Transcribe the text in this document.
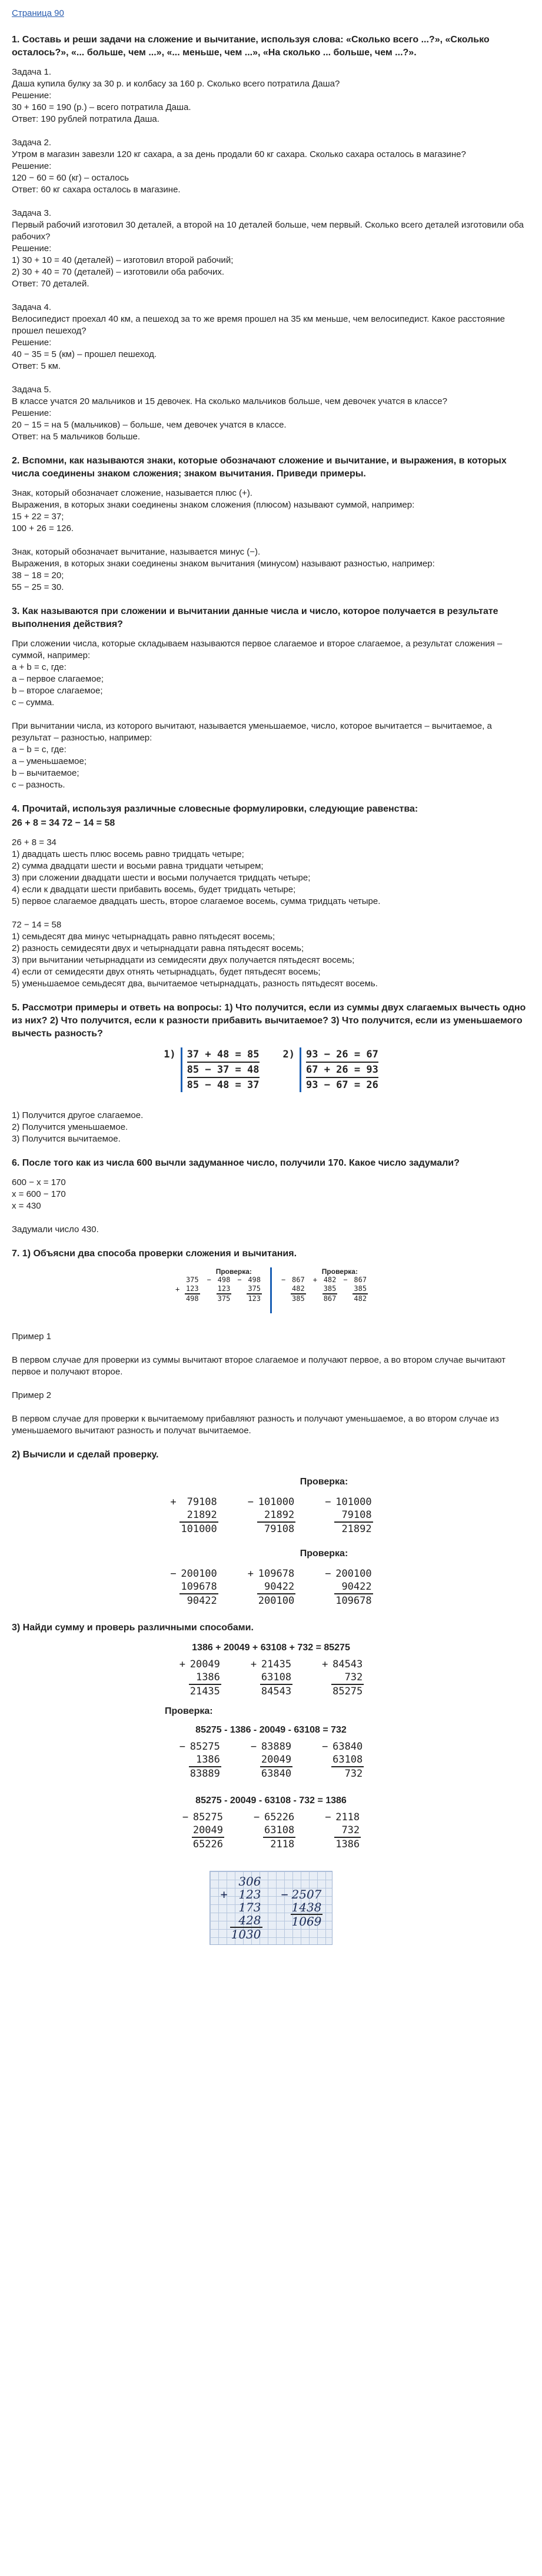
Страница 90
1. Составь и реши задачи на сложение и вычитание, используя слова: «Сколько всего ...?», «Сколько осталось?», «... больше, чем ...», «... меньше, чем ...», «На сколько ... больше, чем ...?».

Задача 1.

Даша купила булку за 30 р. и колбасу за 160 р. Сколько всего потратила Даша?

Решение:

30 + 160 = 190 (р.) – всего потратила Даша.

Ответ: 190 рублей потратила Даша.

Задача 2.

Утром в магазин завезли 120 кг сахара, а за день продали 60 кг сахара. Сколько сахара осталось в магазине?

Решение:

120 − 60 = 60 (кг) – осталось

Ответ: 60 кг сахара осталось в магазине.

Задача 3.

Первый рабочий изготовил 30 деталей, а второй на 10 деталей больше, чем первый. Сколько всего деталей изготовили оба рабочих?

Решение:

1) 30 + 10 = 40 (деталей) – изготовил второй рабочий;

2) 30 + 40 = 70 (деталей) – изготовили оба рабочих.

Ответ: 70 деталей.

Задача 4.

Велосипедист проехал 40 км, а пешеход за то же время прошел на 35 км меньше, чем велосипедист. Какое расстояние прошел пешеход?

Решение:

40 − 35 = 5 (км) – прошел пешеход.

Ответ: 5 км.

Задача 5.

В классе учатся 20 мальчиков и 15 девочек. На сколько мальчиков больше, чем девочек учатся в классе?

Решение:

20 − 15 = на 5 (мальчиков) – больше, чем девочек учатся в классе.

Ответ: на 5 мальчиков больше.

2. Вспомни, как называются знаки, которые обозначают сложение и вычитание, и выражения, в которых числа соединены знаком сложения; знаком вычитания. Приведи примеры.

Знак, который обозначает сложение, называется плюс (+).

Выражения, в которых знаки соединены знаком сложения (плюсом) называют суммой, например:

15 + 22 = 37;

100 + 26 = 126.

Знак, который обозначает вычитание, называется минус (−).

Выражения, в которых знаки соединены знаком вычитания (минусом) называют разностью, например:

38 − 18 = 20;

55 − 25 = 30.

3. Как называются при сложении и вычитании данные числа и число, которое получается в результате выполнения действия?

При сложении числа, которые складываем называются первое слагаемое и второе слагаемое, а результат сложения – суммой, например:

a + b = c, где:

a – первое слагаемое;

b – второе слагаемое;

c – сумма.

При вычитании числа, из которого вычитают, называется уменьшаемое, число, которое вычитается – вычитаемое, а результат – разностью, например:

a − b = c, где:

a – уменьшаемое;

b – вычитаемое;

c – разность.

4. Прочитай, используя различные словесные формулировки, следующие равенства:
26 + 8 = 34 72 − 14 = 58

26 + 8 = 34

1) двадцать шесть плюс восемь равно тридцать четыре;

2) сумма двадцати шести и восьми равна тридцати четырем;

3) при сложении двадцати шести и восьми получается тридцать четыре;

4) если к двадцати шести прибавить восемь, будет тридцать четыре;

5) первое слагаемое двадцать шесть, второе слагаемое восемь, сумма тридцать четыре.

72 − 14 = 58

1) семьдесят два минус четырнадцать равно пятьдесят восемь;

2) разность семидесяти двух и четырнадцати равна пятьдесят восемь;

3) при вычитании четырнадцати из семидесяти двух получается пятьдесят восемь;

4) если от семидесяти двух отнять четырнадцать, будет пятьдесят восемь;

5) уменьшаемое семьдесят два, вычитаемое четырнадцать, разность пятьдесят восемь.

5. Рассмотри примеры и ответь на вопросы: 1) Что получится, если из суммы двух слагаемых вычесть одно из них? 2) Что получится, если к разности прибавить вычитаемое? 3) Что получится, если из уменьшаемого вычесть разность?
1) 37 + 48 = 85
85 − 37 = 48
85 − 48 = 37
2) 93 − 26 = 67
67 + 26 = 93
93 − 67 = 26

1) Получится другое слагаемое.

2) Получится уменьшаемое.

3) Получится вычитаемое.

6. После того как из числа 600 вычли задуманное число, получили 170. Какое число задумали?

600 − x = 170

x = 600 − 170

x = 430

Задумали число 430.

7. 1) Объясни два способа проверки сложения и вычитания.
	375
+	123
	498
Проверка:
−	498
	123
	375
−	498
	375
	123
−	867
	482
	385
Проверка:
+	482
	385
	867
−	867
	385
	482

Пример 1

В первом случае для проверки из суммы вычитают второе слагаемое и получают первое, а во втором случае вычитают первое и получают второе.

Пример 2

В первом случае для проверки к вычитаемому прибавляют разность и получают уменьшаемое, а во втором случае из уменьшаемого вычитают разность и получат вычитаемое.

2) Вычисли и сделай проверку.
Проверка:
+	79108
	21892
	101000
−	101000
	21892
	79108
−	101000
	79108
	21892
Проверка:
−	200100
	109678
	90422
+	109678
	90422
	200100
−	200100
	90422
	109678
3) Найди сумму и проверь различными способами.
1386 + 20049 + 63108 + 732 = 85275
+	20049
	1386
	21435
+	21435
	63108
	84543
+	84543
	732
	85275
Проверка:
85275 - 1386 - 20049 - 63108 = 732
−	85275
	1386
	83889
−	83889
	20049
	63840
−	63840
	63108
	732
85275 - 20049 - 63108 - 732 = 1386
−	85275
	20049
	65226
−	65226
	63108
	2118
−	2118
	732
	1386
	306
+	123
	173
	428
	1030
−	2507
	1438
	1069
